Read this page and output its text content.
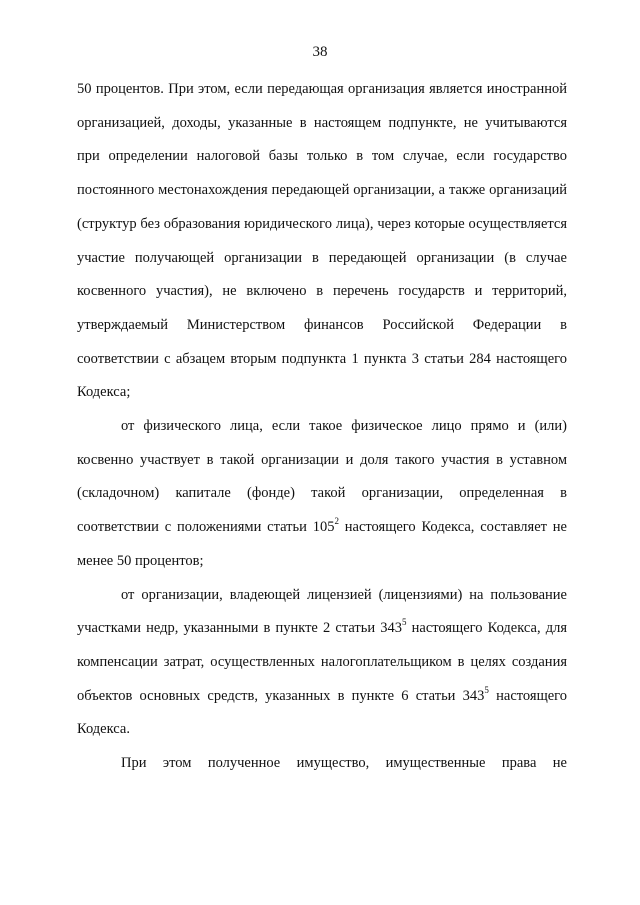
38

50 процентов. При этом, если передающая организация является иностранной организацией, доходы, указанные в настоящем подпункте, не учитываются при определении налоговой базы только в том случае, если государство постоянного местонахождения передающей организации, а также организаций (структур без образования юридического лица), через которые осуществляется участие получающей организации в передающей организации (в случае косвенного участия), не включено в перечень государств и территорий, утверждаемый Министерством финансов Российской Федерации в соответствии с абзацем вторым подпункта 1 пункта 3 статьи 284 настоящего Кодекса;

от физического лица, если такое физическое лицо прямо и (или) косвенно участвует в такой организации и доля такого участия в уставном (складочном) капитале (фонде) такой организации, определенная в соответствии с положениями статьи $105^2$ настоящего Кодекса, составляет не менее 50 процентов;

от организации, владеющей лицензией (лицензиями) на пользование участками недр, указанными в пункте 2 статьи $343^5$ настоящего Кодекса, для компенсации затрат, осуществленных налогоплательщиком в целях создания объектов основных средств, указанных в пункте 6 статьи $343^5$ настоящего Кодекса.

При этом полученное имущество, имущественные права не
